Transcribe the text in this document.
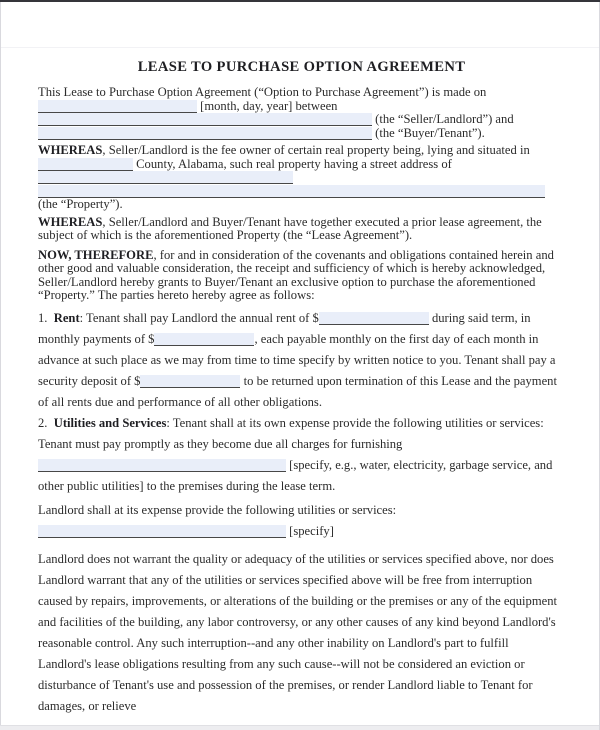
LEASE TO PURCHASE OPTION AGREEMENT

This Lease to Purchase Option Agreement (“Option to Purchase Agreement”) is made on
[month, day, year] between
(the “Seller/Landlord”) and
(the “Buyer/Tenant”).

WHEREAS, Seller/Landlord is the fee owner of certain real property being, lying and situated in
County, Alabama, such real property having a street address of

(the “Property”).

WHEREAS, Seller/Landlord and Buyer/Tenant have together executed a prior lease agreement, the subject of which is the aforementioned Property (the “Lease Agreement”).

NOW, THEREFORE, for and in consideration of the covenants and obligations contained herein and other good and valuable consideration, the receipt and sufficiency of which is hereby acknowledged, Seller/Landlord hereby grants to Buyer/Tenant an exclusive option to purchase the aforementioned “Property.” The parties hereto hereby agree as follows:

1.  Rent: Tenant shall pay Landlord the annual rent of $	during said term, in monthly payments of $	, each payable monthly on the first day of each month in advance at such place as we may from time to time specify by written notice to you. Tenant shall pay a security deposit of $	to be returned upon termination of this Lease and the payment of all rents due and performance of all other obligations.

2.  Utilities and Services: Tenant shall at its own expense provide the following utilities or services:
Tenant must pay promptly as they become due all charges for furnishing
[specify, e.g., water, electricity, garbage service, and other public utilities] to the premises during the lease term.

Landlord shall at its expense provide the following utilities or services:
[specify]

Landlord does not warrant the quality or adequacy of the utilities or services specified above, nor does Landlord warrant that any of the utilities or services specified above will be free from interruption caused by repairs, improvements, or alterations of the building or the premises or any of the equipment and facilities of the building, any labor controversy, or any other causes of any kind beyond Landlord's reasonable control. Any such interruption--and any other inability on Landlord's part to fulfill Landlord's lease obligations resulting from any such cause--will not be considered an eviction or disturbance of Tenant's use and possession of the premises, or render Landlord liable to Tenant for damages, or relieve
